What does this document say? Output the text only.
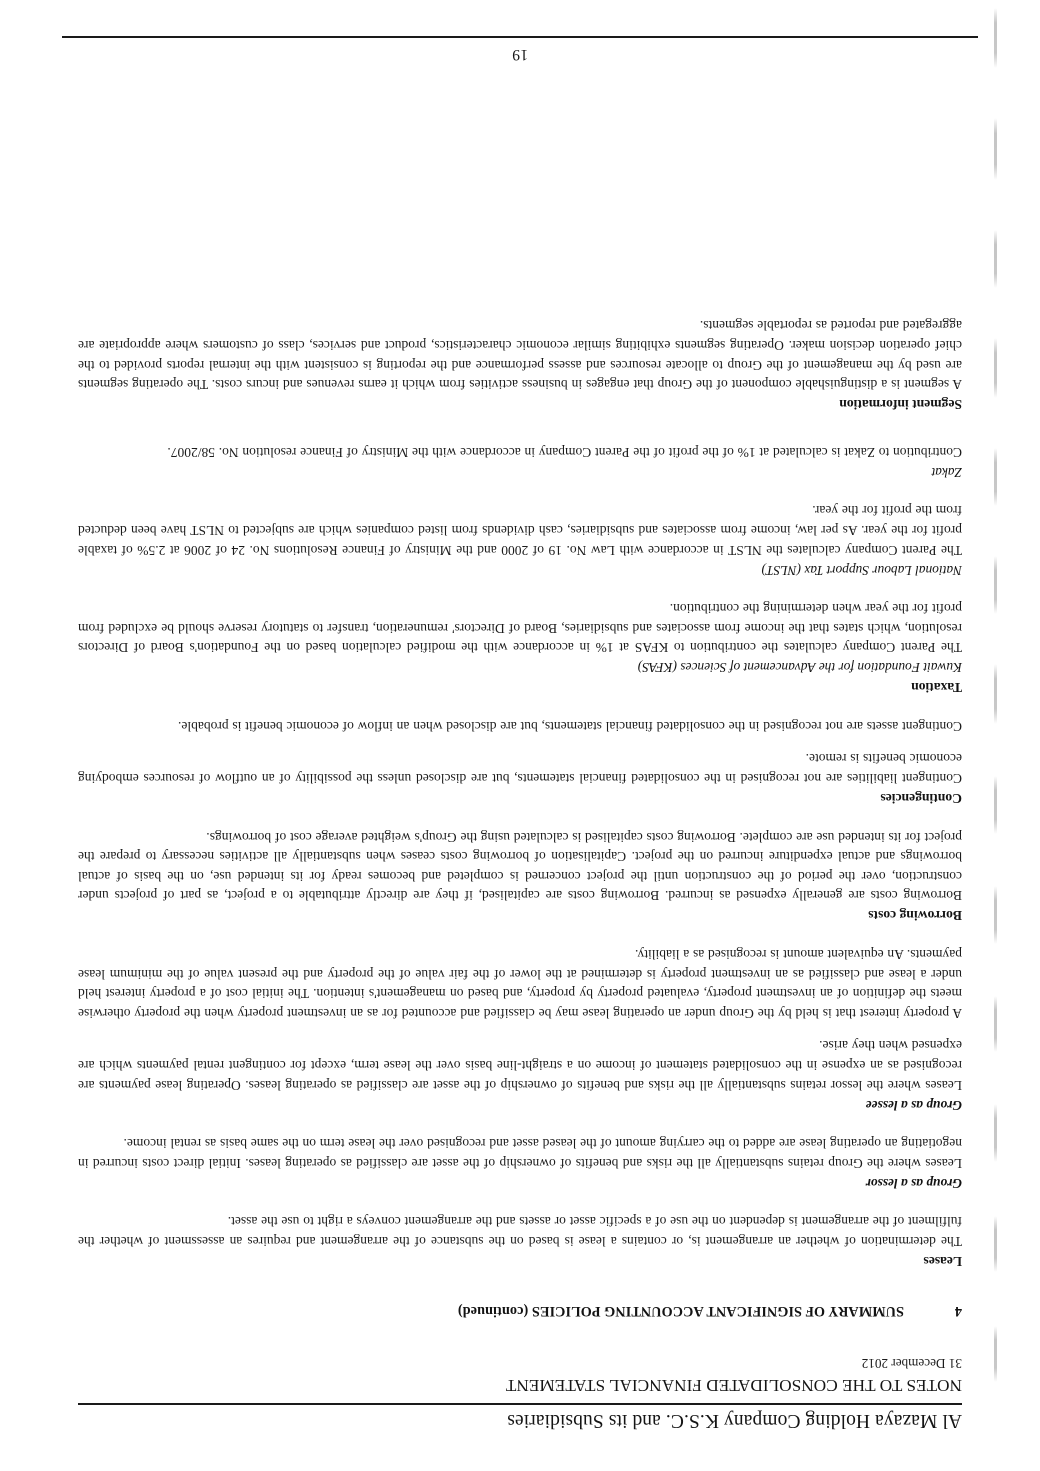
19
Al Mazaya Holding Company K.S.C. and its Subsidiaries
NOTES TO THE CONSOLIDATED FINANCIAL STATEMENT
31 December 2012
4
SUMMARY OF SIGNIFICANT ACCOUNTING POLICIES (continued)
Leases

The determination of whether an arrangement is, or contains a lease is based on the substance of the arrangement and requires an assessment of whether the fulfilment of the arrangement is dependent on the use of a specific asset or assets and the arrangement conveys a right to use the asset.

Group as a lessor

Leases where the Group retains substantially all the risks and benefits of ownership of the asset are classified as operating leases. Initial direct costs incurred in negotiating an operating lease are added to the carrying amount of the leased asset and recognised over the lease term on the same basis as rental income.

Group as a lessee

Leases where the lessor retains substantially all the risks and benefits of ownership of the asset are classified as operating leases. Operating lease payments are recognised as an expense in the consolidated statement of income on a straight-line basis over the lease term, except for contingent rental payments which are expensed when they arise.

A property interest that is held by the Group under an operating lease may be classified and accounted for as an investment property when the property otherwise meets the definition of an investment property, evaluated property by property, and based on management's intention. The initial cost of a property interest held under a lease and classified as an investment property is determined at the lower of the fair value of the property and the present value of the minimum lease payments. An equivalent amount is recognised as a liability.

Borrowing costs

Borrowing costs are generally expensed as incurred. Borrowing costs are capitalised, if they are directly attributable to a project, as part of projects under construction, over the period of the construction until the project concerned is completed and becomes ready for its intended use, on the basis of actual borrowings and actual expenditure incurred on the project. Capitalisation of borrowing costs ceases when substantially all activities necessary to prepare the project for its intended use are complete. Borrowing costs capitalised is calculated using the Group's weighted average cost of borrowings.

Contingencies

Contingent liabilities are not recognised in the consolidated financial statements, but are disclosed unless the possibility of an outflow of resources embodying economic benefits is remote.

Contingent assets are not recognised in the consolidated financial statements, but are disclosed when an inflow of economic benefit is probable.

Taxation
Kuwait Foundation for the Advancement of Sciences (KFAS)

The Parent Company calculates the contribution to KFAS at 1% in accordance with the modified calculation based on the Foundation's Board of Directors resolution, which states that the income from associates and subsidiaries, Board of Directors' remuneration, transfer to statutory reserve should be excluded from profit for the year when determining the contribution.

National Labour Support Tax (NLST)

The Parent Company calculates the NLST in accordance with Law No. 19 of 2000 and the Ministry of Finance Resolutions No. 24 of 2006 at 2.5% of taxable profit for the year. As per law, income from associates and subsidiaries, cash dividends from listed companies which are subjected to NLST have been deducted from the profit for the year.

Zakat

Contribution to Zakat is calculated at 1% of the profit of the Parent Company in accordance with the Ministry of Finance resolution No. 58/2007.

Segment information

A segment is a distinguishable component of the Group that engages in business activities from which it earns revenues and incurs costs. The operating segments are used by the management of the Group to allocate resources and assess performance and the reporting is consistent with the internal reports provided to the chief operation decision maker. Operating segments exhibiting similar economic characteristics, product and services, class of customers where appropriate are aggregated and reported as reportable segments.
